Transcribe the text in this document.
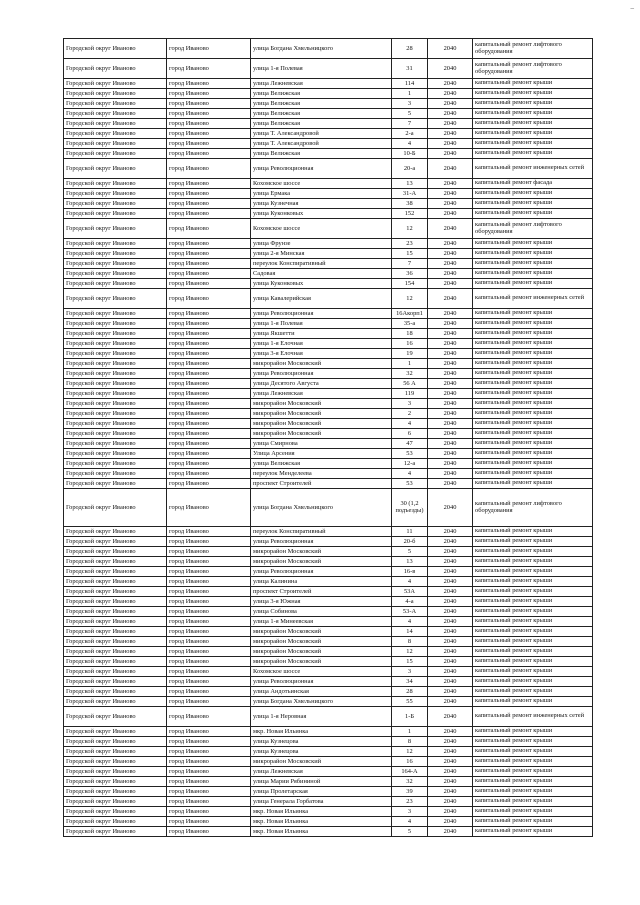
–
Городской округ Иваново	город Иваново	улица Богдана Хмельницкого	28	2040	капитальный ремонт лифтового оборудования
Городской округ Иваново	город Иваново	улица 1-я Полевая	31	2040	капитальный ремонт лифтового оборудования
Городской округ Иваново	город Иваново	улица Лежневская	114	2040	капитальный ремонт крыши
Городской округ Иваново	город Иваново	улица Велижская	1	2040	капитальный ремонт крыши
Городской округ Иваново	город Иваново	улица Велижская	3	2040	капитальный ремонт крыши
Городской округ Иваново	город Иваново	улица Велижская	5	2040	капитальный ремонт крыши
Городской округ Иваново	город Иваново	улица Велижская	7	2040	капитальный ремонт крыши
Городской округ Иваново	город Иваново	улица Т. Александровой	2-а	2040	капитальный ремонт крыши
Городской округ Иваново	город Иваново	улица Т. Александровой	4	2040	капитальный ремонт крыши
Городской округ Иваново	город Иваново	улица Велижская	10-Б	2040	капитальный ремонт крыши
Городской округ Иваново	город Иваново	улица Революционная	20-а	2040	капитальный ремонт инженерных сетей
Городской округ Иваново	город Иваново	Кохомское шоссе	13	2040	капитальный ремонт фасада
Городской округ Иваново	город Иваново	улица Ермака	31-А	2040	капитальный ремонт крыши
Городской округ Иваново	город Иваново	улица Кузнечная	38	2040	капитальный ремонт крыши
Городской округ Иваново	город Иваново	улица Куконковых	152	2040	капитальный ремонт крыши
Городской округ Иваново	город Иваново	Кохомское шоссе	12	2040	капитальный ремонт лифтового оборудования
Городской округ Иваново	город Иваново	улица Фрунзе	23	2040	капитальный ремонт крыши
Городской округ Иваново	город Иваново	улица 2-я Минская	15	2040	капитальный ремонт крыши
Городской округ Иваново	город Иваново	переулок Конспиративный	7	2040	капитальный ремонт крыши
Городской округ Иваново	город Иваново	Садовая	36	2040	капитальный ремонт крыши
Городской округ Иваново	город Иваново	улица Куконковых	154	2040	капитальный ремонт крыши
Городской округ Иваново	город Иваново	улица Кавалерийская	12	2040	капитальный ремонт инженерных сетей
Городской округ Иваново	город Иваново	улица Революционная	16Акорп1	2040	капитальный ремонт крыши
Городской округ Иваново	город Иваново	улица 1-я Полевая	35-а	2040	капитальный ремонт крыши
Городской округ Иваново	город Иваново	улица Якшетти	18	2040	капитальный ремонт крыши
Городской округ Иваново	город Иваново	улица 1-я Елочная	16	2040	капитальный ремонт крыши
Городской округ Иваново	город Иваново	улица 3-я Елочная	19	2040	капитальный ремонт крыши
Городской округ Иваново	город Иваново	микрорайон Московский	1	2040	капитальный ремонт крыши
Городской округ Иваново	город Иваново	улица Революционная	32	2040	капитальный ремонт крыши
Городской округ Иваново	город Иваново	улица Десятого Августа	56 А	2040	капитальный ремонт крыши
Городской округ Иваново	город Иваново	улица Лежневская	119	2040	капитальный ремонт крыши
Городской округ Иваново	город Иваново	микрорайон Московский	3	2040	капитальный ремонт крыши
Городской округ Иваново	город Иваново	микрорайон Московский	2	2040	капитальный ремонт крыши
Городской округ Иваново	город Иваново	микрорайон Московский	4	2040	капитальный ремонт крыши
Городской округ Иваново	город Иваново	микрорайон Московский	6	2040	капитальный ремонт крыши
Городской округ Иваново	город Иваново	улица Смирнова	47	2040	капитальный ремонт крыши
Городской округ Иваново	город Иваново	Улица Арсения	53	2040	капитальный ремонт крыши
Городской округ Иваново	город Иваново	улица Велижская	12-а	2040	капитальный ремонт крыши
Городской округ Иваново	город Иваново	переулок Менделеева	4	2040	капитальный ремонт крыши
Городской округ Иваново	город Иваново	проспект Строителей	53	2040	капитальный ремонт крыши
Городской округ Иваново	город Иваново	улица Богдана Хмельницкого	30 (1,2 подъезды)	2040	капитальный ремонт лифтового оборудования
Городской округ Иваново	город Иваново	переулок Конспиративный	11	2040	капитальный ремонт крыши
Городской округ Иваново	город Иваново	улица Революционная	20-б	2040	капитальный ремонт крыши
Городской округ Иваново	город Иваново	микрорайон Московский	5	2040	капитальный ремонт крыши
Городской округ Иваново	город Иваново	микрорайон Московский	13	2040	капитальный ремонт крыши
Городской округ Иваново	город Иваново	улица Революционная	16-в	2040	капитальный ремонт крыши
Городской округ Иваново	город Иваново	улица Калинина	4	2040	капитальный ремонт крыши
Городской округ Иваново	город Иваново	проспект Строителей	53А	2040	капитальный ремонт крыши
Городской округ Иваново	город Иваново	улица 3-я Южная	4-а	2040	капитальный ремонт крыши
Городской округ Иваново	город Иваново	улица Собинова	53-А	2040	капитальный ремонт крыши
Городской округ Иваново	город Иваново	улица 1-я Минеевская	4	2040	капитальный ремонт крыши
Городской округ Иваново	город Иваново	микрорайон Московский	14	2040	капитальный ремонт крыши
Городской округ Иваново	город Иваново	микрорайон Московский	8	2040	капитальный ремонт крыши
Городской округ Иваново	город Иваново	микрорайон Московский	12	2040	капитальный ремонт крыши
Городской округ Иваново	город Иваново	микрорайон Московский	15	2040	капитальный ремонт крыши
Городской округ Иваново	город Иваново	Кохомское шоссе	3	2040	капитальный ремонт крыши
Городской округ Иваново	город Иваново	улица Революционная	34	2040	капитальный ремонт крыши
Городской округ Иваново	город Иваново	улица Андотьинская	28	2040	капитальный ремонт крыши
Городской округ Иваново	город Иваново	улица Богдана Хмельницкого	55	2040	капитальный ремонт крыши
Городской округ Иваново	город Иваново	улица 1-я Неровная	1-Б	2040	капитальный ремонт инженерных сетей
Городской округ Иваново	город Иваново	мкр. Новая Ильинка	1	2040	капитальный ремонт крыши
Городской округ Иваново	город Иваново	улица Кузнецова	8	2040	капитальный ремонт крыши
Городской округ Иваново	город Иваново	улица Кузнецова	12	2040	капитальный ремонт крыши
Городской округ Иваново	город Иваново	микрорайон Московский	16	2040	капитальный ремонт крыши
Городской округ Иваново	город Иваново	улица Лежневская	164-А	2040	капитальный ремонт крыши
Городской округ Иваново	город Иваново	улица Марии Рябининой	32	2040	капитальный ремонт крыши
Городской округ Иваново	город Иваново	улица Пролетарская	39	2040	капитальный ремонт крыши
Городской округ Иваново	город Иваново	улица Генерала Горбатова	23	2040	капитальный ремонт крыши
Городской округ Иваново	город Иваново	мкр. Новая Ильинка	3	2040	капитальный ремонт крыши
Городской округ Иваново	город Иваново	мкр. Новая Ильинка	4	2040	капитальный ремонт крыши
Городской округ Иваново	город Иваново	мкр. Новая Ильинка	5	2040	капитальный ремонт крыши
